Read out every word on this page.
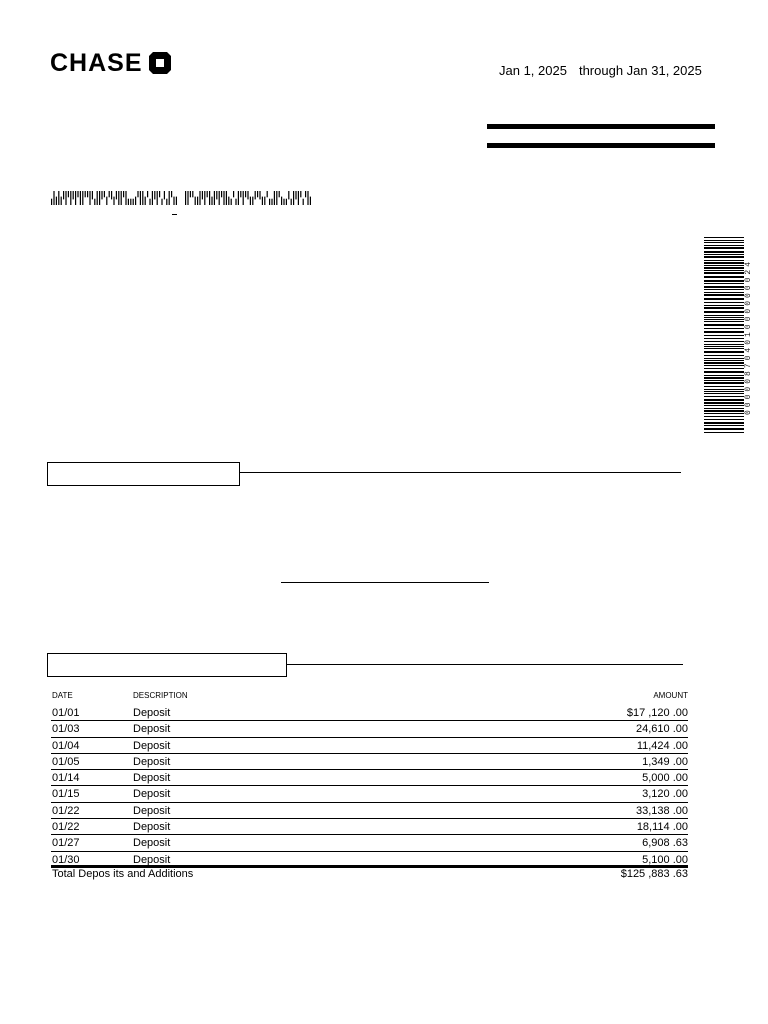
CHASE	Jan 1, 2025 through Jan 31, 2025
00000870401000000024
DATE	DESCRIPTION	AMOUNT
01/01	Deposit	$17 ,120 .00
01/03	Deposit	24,610 .00
01/04	Deposit	11,424 .00
01/05	Deposit	1,349 .00
01/14	Deposit	5,000 .00
01/15	Deposit	3,120 .00
01/22	Deposit	33,138 .00
01/22	Deposit	18,114 .00
01/27	Deposit	6,908 .63
01/30	Deposit	5,100 .00
Total Depos its and Additions	$125 ,883 .63
